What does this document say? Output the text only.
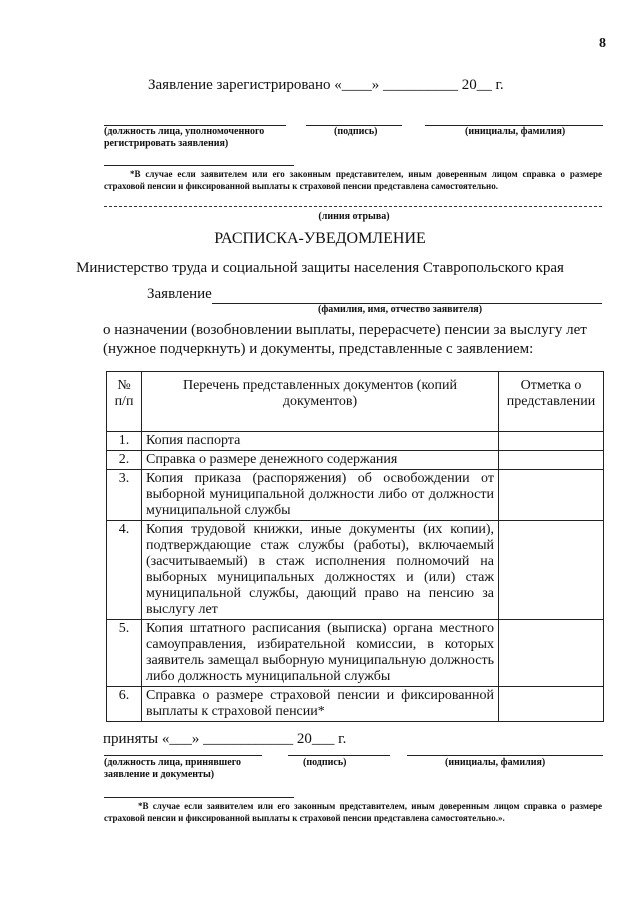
8
Заявление зарегистрировано «____» __________ 20__ г.
(должность лица, уполномоченного регистрировать заявления)
(подпись)	(инициалы, фамилия)
*В случае если заявителем или его законным представителем, иным доверенным лицом справка о размере страховой пенсии и фиксированной выплаты к страховой пенсии представлена самостоятельно.
(линия отрыва)
РАСПИСКА-УВЕДОМЛЕНИЕ
Министерство труда и социальной защиты населения Ставропольского края
Заявление
(фамилия, имя, отчество заявителя)
о назначении (возобновлении выплаты, перерасчете) пенсии за выслугу лет (нужное подчеркнуть) и документы, представленные с заявлением:
№ п/п	Перечень представленных документов (копий документов)	Отметка о представлении
1.	Копия паспорта	
2.	Справка о размере денежного содержания	
3.	Копия приказа (распоряжения) об освобождении от выборной муниципальной должности либо от должности муниципальной службы	
4.	Копия трудовой книжки, иные документы (их копии), подтверждающие стаж службы (работы), включаемый (засчитываемый) в стаж исполнения полномочий на выборных муниципальных должностях и (или) стаж муниципальной службы, дающий право на пенсию за выслугу лет	
5.	Копия штатного расписания (выписка) органа местного самоуправления, избирательной комиссии, в которых заявитель замещал выборную муниципальную должность либо должность муниципальной службы	
6.	Справка о размере страховой пенсии и фиксированной выплаты к страховой пенсии*	
приняты «___» ____________ 20___ г.
(должность лица, принявшего заявление и документы)
(подпись)	(инициалы, фамилия)
*В случае если заявителем или его законным представителем, иным доверенным лицом справка о размере страховой пенсии и фиксированной выплаты к страховой пенсии представлена самостоятельно.».
